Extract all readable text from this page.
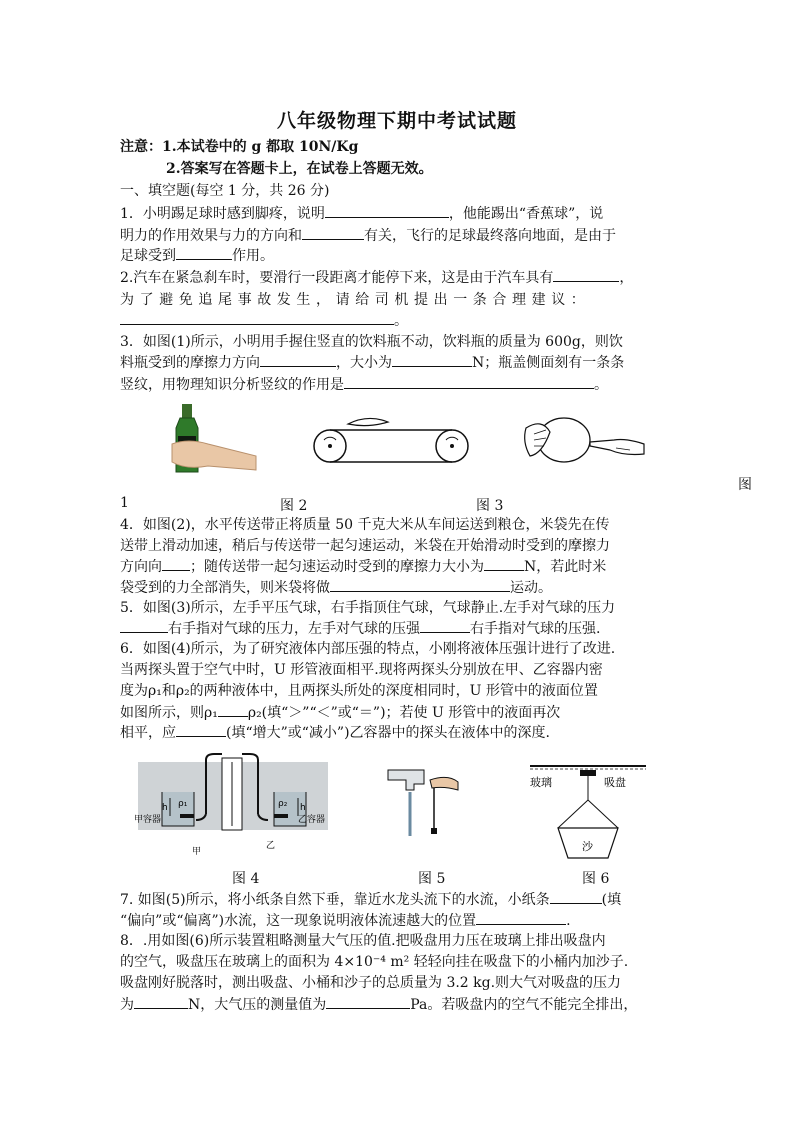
八年级物理下期中考试试题
注意：1.本试卷中的 g 都取 10N/Kg
2.答案写在答题卡上，在试卷上答题无效。
一、填空题(每空 1 分，共 26 分)
1．小明踢足球时感到脚疼，说明	，他能踢出“香蕉球”，说
明力的作用效果与力的方向和	有关，飞行的足球最终落向地面，是由于
足球受到	作用。
2.汽车在紧急刹车时，要滑行一段距离才能停下来，这是由于汽车具有	，
为了避免追尾事故发生，请给司机提出一条合理建议：
。
3．如图(1)所示，小明用手握住竖直的饮料瓶不动，饮料瓶的质量为 600g，则饮
料瓶受到的摩擦力方向	，大小为	N；瓶盖侧面刻有一条条
竖纹，用物理知识分析竖纹的作用是	。
图
1	图 2	图 3
4．如图(2)，水平传送带正将质量 50 千克大米从车间运送到粮仓，米袋先在传
送带上滑动加速，稍后与传送带一起匀速运动，米袋在开始滑动时受到的摩擦力
方向向 ；随传送带一起匀速运动时受到的摩擦力大小为	N，若此时米
袋受到的力全部消失，则米袋将做	运动。
5．如图(3)所示，左手平压气球，右手指顶住气球，气球静止.左手对气球的压力
右手指对气球的压力，左手对气球的压强	右手指对气球的压强.
6．如图(4)所示，为了研究液体内部压强的特点，小刚将液体压强计进行了改进.
当两探头置于空气中时，U 形管液面相平.现将两探头分别放在甲、乙容器内密
度为ρ₁和ρ₂的两种液体中，且两探头所处的深度相同时，U 形管中的液面位置
如图所示，则ρ₁ ρ₂(填“＞”“＜”或“＝”)；若使 U 形管中的液面再次
相平，应	(填“增大”或“减小”)乙容器中的探头在液体中的深度.
h	h
ρ₁	ρ₂
甲容器	乙容器
甲
乙
玻璃	吸盘
沙
图 4	图 5	图 6
7. 如图(5)所示，将小纸条自然下垂，靠近水龙头流下的水流，小纸条	(填
“偏向”或“偏离”)水流，这一现象说明液体流速越大的位置	.
8．.用如图(6)所示装置粗略测量大气压的值.把吸盘用力压在玻璃上排出吸盘内
的空气，吸盘压在玻璃上的面积为 4×10⁻⁴ m² 轻轻向挂在吸盘下的小桶内加沙子.
吸盘刚好脱落时，测出吸盘、小桶和沙子的总质量为 3.2 kg.则大气对吸盘的压力
为	N，大气压的测量值为	Pa。若吸盘内的空气不能完全排出，
